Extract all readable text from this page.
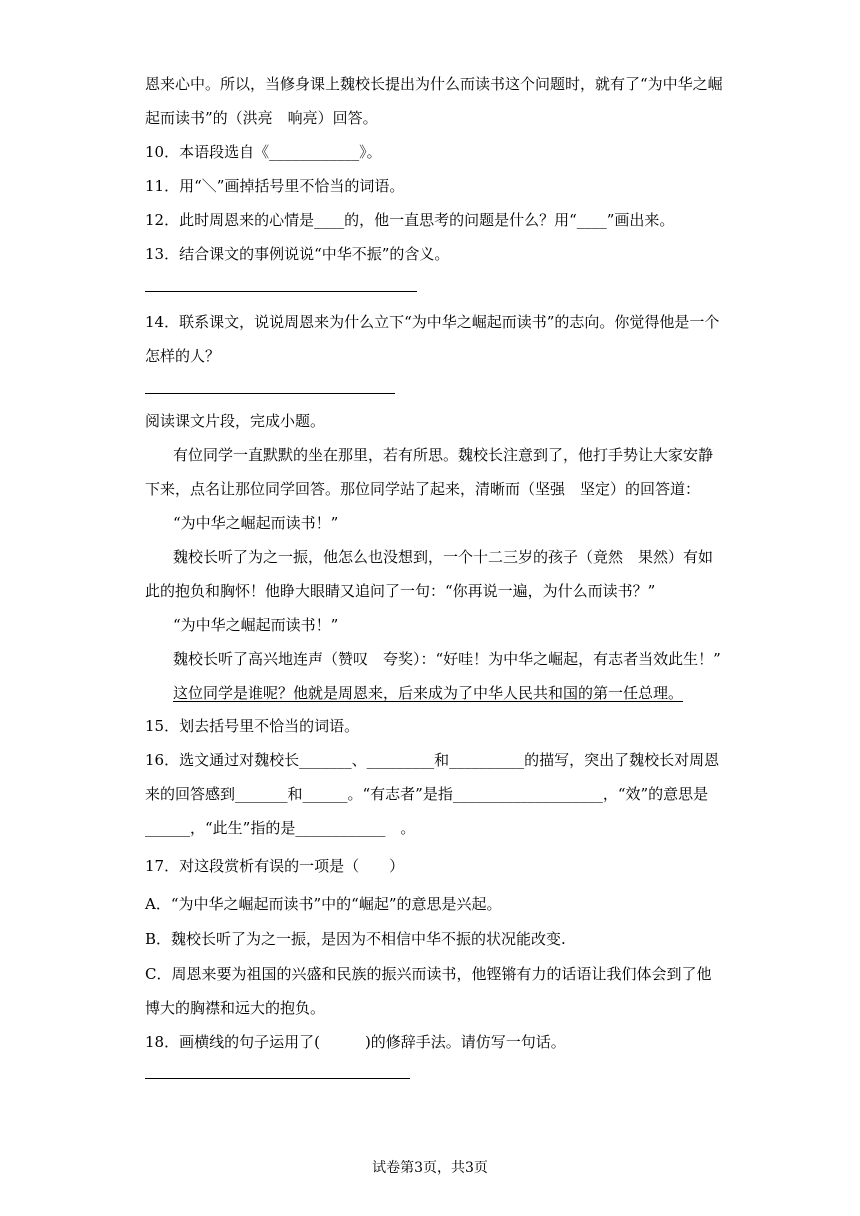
恩来心中。所以，当修身课上魏校长提出为什么而读书这个问题时，就有了“为中华之崛
起而读书”的（洪亮　响亮）回答。
10．本语段选自《____________》。
11．用“＼”画掉括号里不恰当的词语。
12．此时周恩来的心情是____的，他一直思考的问题是什么？用“____”画出来。
13．结合课文的事例说说“中华不振”的含义。
14．联系课文，说说周恩来为什么立下“为中华之崛起而读书”的志向。你觉得他是一个
怎样的人？
阅读课文片段，完成小题。
有位同学一直默默的坐在那里，若有所思。魏校长注意到了，他打手势让大家安静
下来，点名让那位同学回答。那位同学站了起来，清晰而（坚强　坚定）的回答道：
“为中华之崛起而读书！”
魏校长听了为之一振，他怎么也没想到，一个十二三岁的孩子（竟然　果然）有如
此的抱负和胸怀！他睁大眼睛又追问了一句：“你再说一遍，为什么而读书？”
“为中华之崛起而读书！”
魏校长听了高兴地连声（赞叹　夸奖）：“好哇！为中华之崛起，有志者当效此生！”
这位同学是谁呢？他就是周恩来，后来成为了中华人民共和国的第一任总理。
15．划去括号里不恰当的词语。
16．选文通过对魏校长_______、_________和__________的描写，突出了魏校长对周恩
来的回答感到_______和______。“有志者”是指____________________，“效”的意思是
______，“此生”指的是____________　。
17．对这段赏析有误的一项是（　　）
A．“为中华之崛起而读书”中的“崛起”的意思是兴起。
B．魏校长听了为之一振，是因为不相信中华不振的状况能改变.
C．周恩来要为祖国的兴盛和民族的振兴而读书，他铿锵有力的话语让我们体会到了他
博大的胸襟和远大的抱负。
18．画横线的句子运用了(　　　)的修辞手法。请仿写一句话。
试卷第3页，共3页
